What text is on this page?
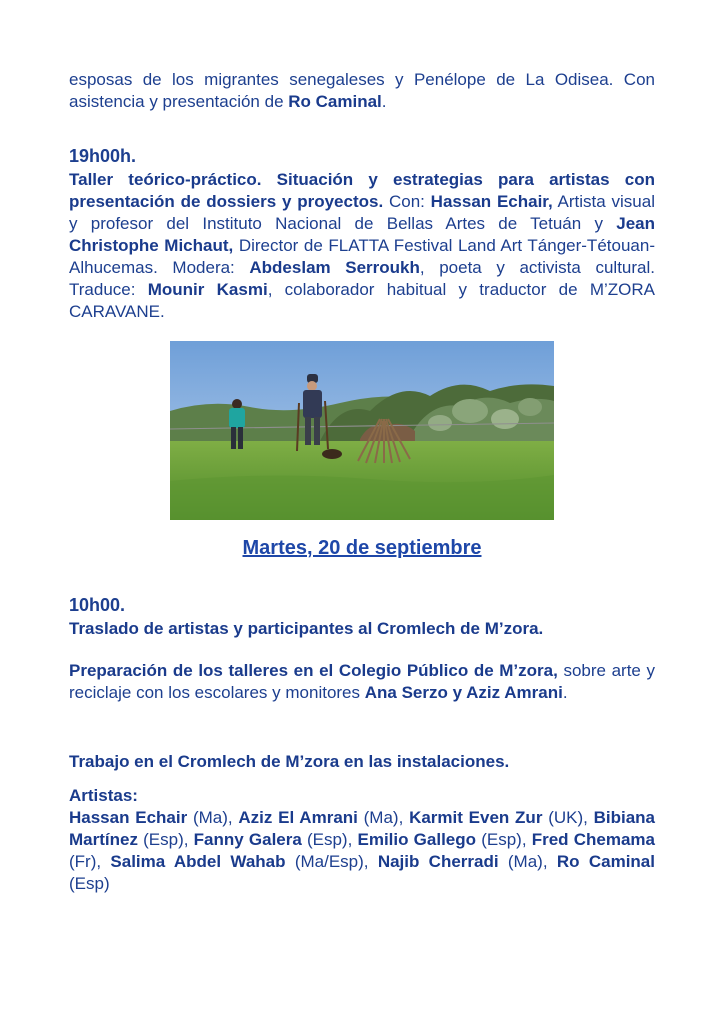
esposas de los migrantes senegaleses y Penélope de La Odisea. Con asistencia y presentación de Ro Caminal.

19h00h.

Taller teórico-práctico. Situación y estrategias para artistas con presentación de dossiers y proyectos. Con: Hassan Echair, Artista visual y profesor del Instituto Nacional de Bellas Artes de Tetuán y Jean Christophe Michaut, Director de FLATTA Festival Land Art Tánger-Tétouan-Alhucemas. Modera: Abdeslam Serroukh, poeta y activista cultural. Traduce: Mounir Kasmi, colaborador habitual y traductor de M’ZORA CARAVANE.

Martes, 20 de septiembre

10h00.

Traslado de artistas y participantes al Cromlech de M’zora.

Preparación de los talleres en el Colegio Público de M’zora, sobre arte y reciclaje con los escolares y monitores Ana Serzo y Aziz Amrani.

Trabajo en el Cromlech de M’zora en las instalaciones.

Artistas:

Hassan Echair (Ma), Aziz El Amrani (Ma), Karmit Even Zur (UK), Bibiana Martínez (Esp), Fanny Galera (Esp), Emilio Gallego (Esp), Fred Chemama (Fr), Salima Abdel Wahab (Ma/Esp), Najib Cherradi (Ma), Ro Caminal (Esp)
